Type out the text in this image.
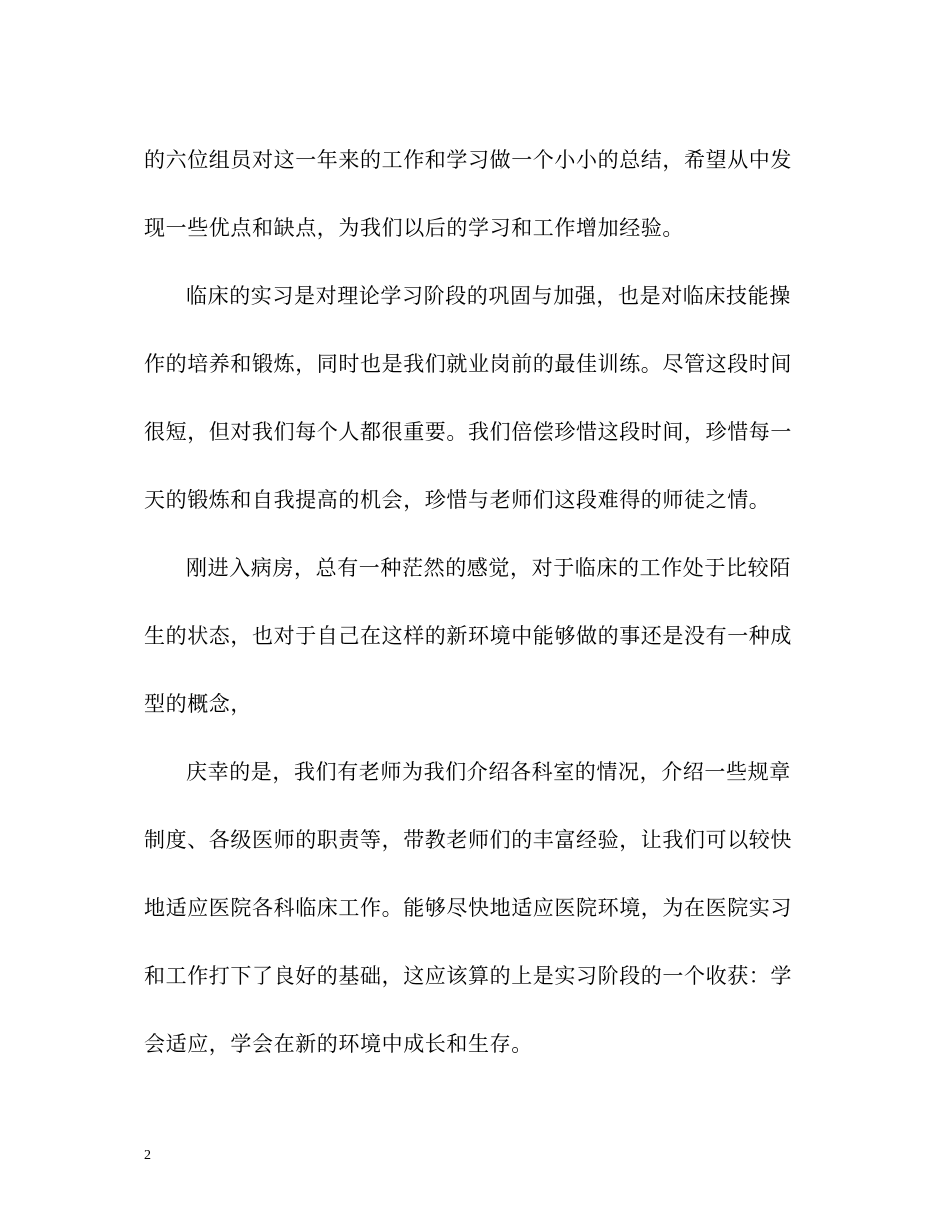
的六位组员对这一年来的工作和学习做一个小小的总结，希望从中发
现一些优点和缺点，为我们以后的学习和工作增加经验。
临床的实习是对理论学习阶段的巩固与加强，也是对临床技能操
作的培养和锻炼，同时也是我们就业岗前的最佳训练。尽管这段时间
很短，但对我们每个人都很重要。我们倍偿珍惜这段时间，珍惜每一
天的锻炼和自我提高的机会，珍惜与老师们这段难得的师徒之情。
刚进入病房，总有一种茫然的感觉，对于临床的工作处于比较陌
生的状态，也对于自己在这样的新环境中能够做的事还是没有一种成
型的概念，
庆幸的是，我们有老师为我们介绍各科室的情况，介绍一些规章
制度、各级医师的职责等，带教老师们的丰富经验，让我们可以较快
地适应医院各科临床工作。能够尽快地适应医院环境，为在医院实习
和工作打下了良好的基础，这应该算的上是实习阶段的一个收获：学
会适应，学会在新的环境中成长和生存。
2
